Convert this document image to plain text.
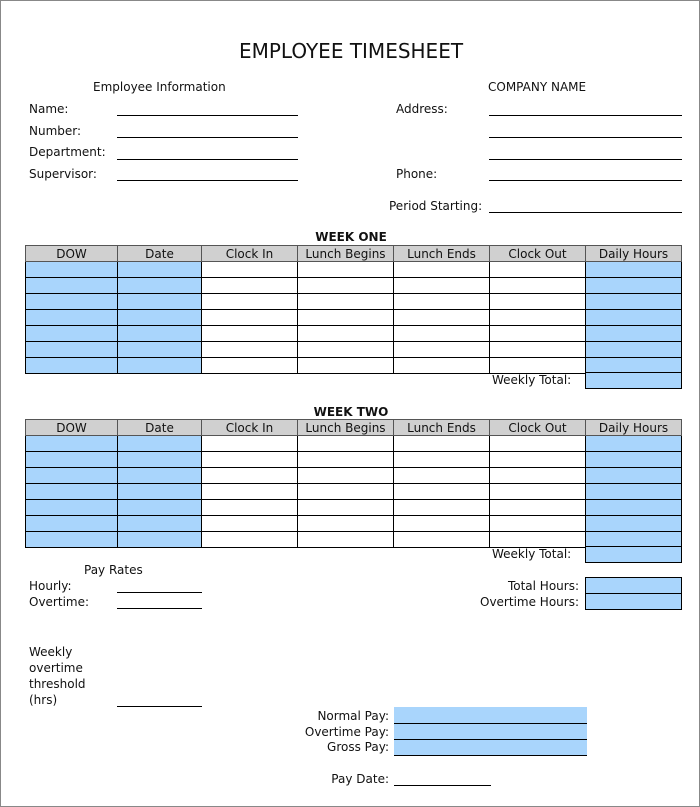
EMPLOYEE TIMESHEET
Employee Information
Name:
Number:
Department:
Supervisor:
COMPANY NAME
Address:
Phone:
Period Starting:
WEEK ONE
DOW	Date	Clock In	Lunch Begins	Lunch Ends	Clock Out	Daily Hours

Weekly Total:
WEEK TWO
DOW	Date	Clock In	Lunch Begins	Lunch Ends	Clock Out	Daily Hours

Weekly Total:
Pay Rates
Hourly:
Overtime:
Total Hours:
Overtime Hours:
Weekly
overtime
threshold
(hrs)
Normal Pay:
Overtime Pay:
Gross Pay:
Pay Date:
